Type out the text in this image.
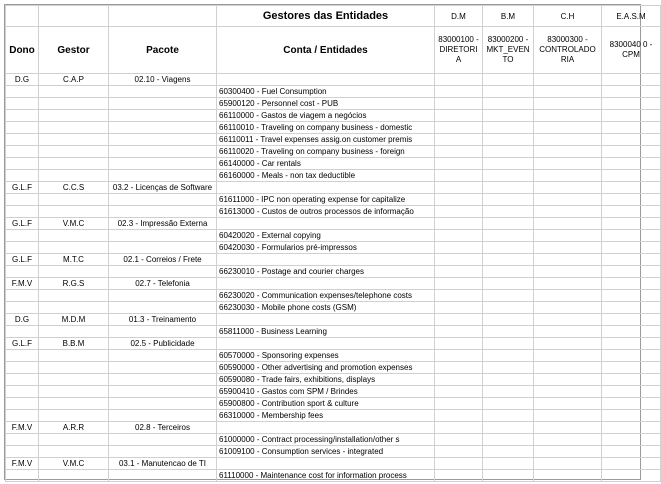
			Gestores das Entidades	D.M	B.M	C.H	E.A.S.M
Dono	Gestor	Pacote	Conta / Entidades	83000100 - DIRETORI A	83000200 - MKT_EVEN TO	83000300 - CONTROLADO RIA	8300040 0 - CPM
D.G	C.A.P	02.10 - Viagens					
			60300400 - Fuel Consumption				
			65900120 - Personnel cost - PUB				
			66110000 - Gastos de viagem a negócios				
			66110010 - Traveling on company business - domestic				
			66110011 - Travel expenses assig.on customer premis				
			66110020 - Traveling on company business - foreign				
			66140000 - Car rentals				
			66160000 - Meals - non tax deductible				
G.L.F	C.C.S	03.2 - Licenças de Software					
			61611000 - IPC non operating expense for capitalize				
			61613000 - Custos de outros processos de informação				
G.L.F	V.M.C	02.3 - Impressão Externa					
			60420020 - External copying				
			60420030 - Formularios pré-impressos				
G.L.F	M.T.C	02.1 - Correios / Frete					
			66230010 - Postage and courier charges				
F.M.V	R.G.S	02.7 - Telefonia					
			66230020 - Communication expenses/telephone costs				
			66230030 - Mobile phone costs (GSM)				
D.G	M.D.M	01.3 - Treinamento					
			65811000 - Business Learning				
G.L.F	B.B.M	02.5 - Publicidade					
			60570000 - Sponsoring expenses				
			60590000 - Other advertising and promotion expenses				
			60590080 - Trade fairs, exhibitions, displays				
			65900410 - Gastos com SPM / Brindes				
			65900800 - Contribution sport & culture				
			66310000 - Membership fees				
F.M.V	A.R.R	02.8 - Terceiros					
			61000000 - Contract processing/installation/other s				
			61009100 - Consumption services - integrated				
F.M.V	V.M.C	03.1 - Manutencao de TI					
			61110000 - Maintenance cost for information process				
